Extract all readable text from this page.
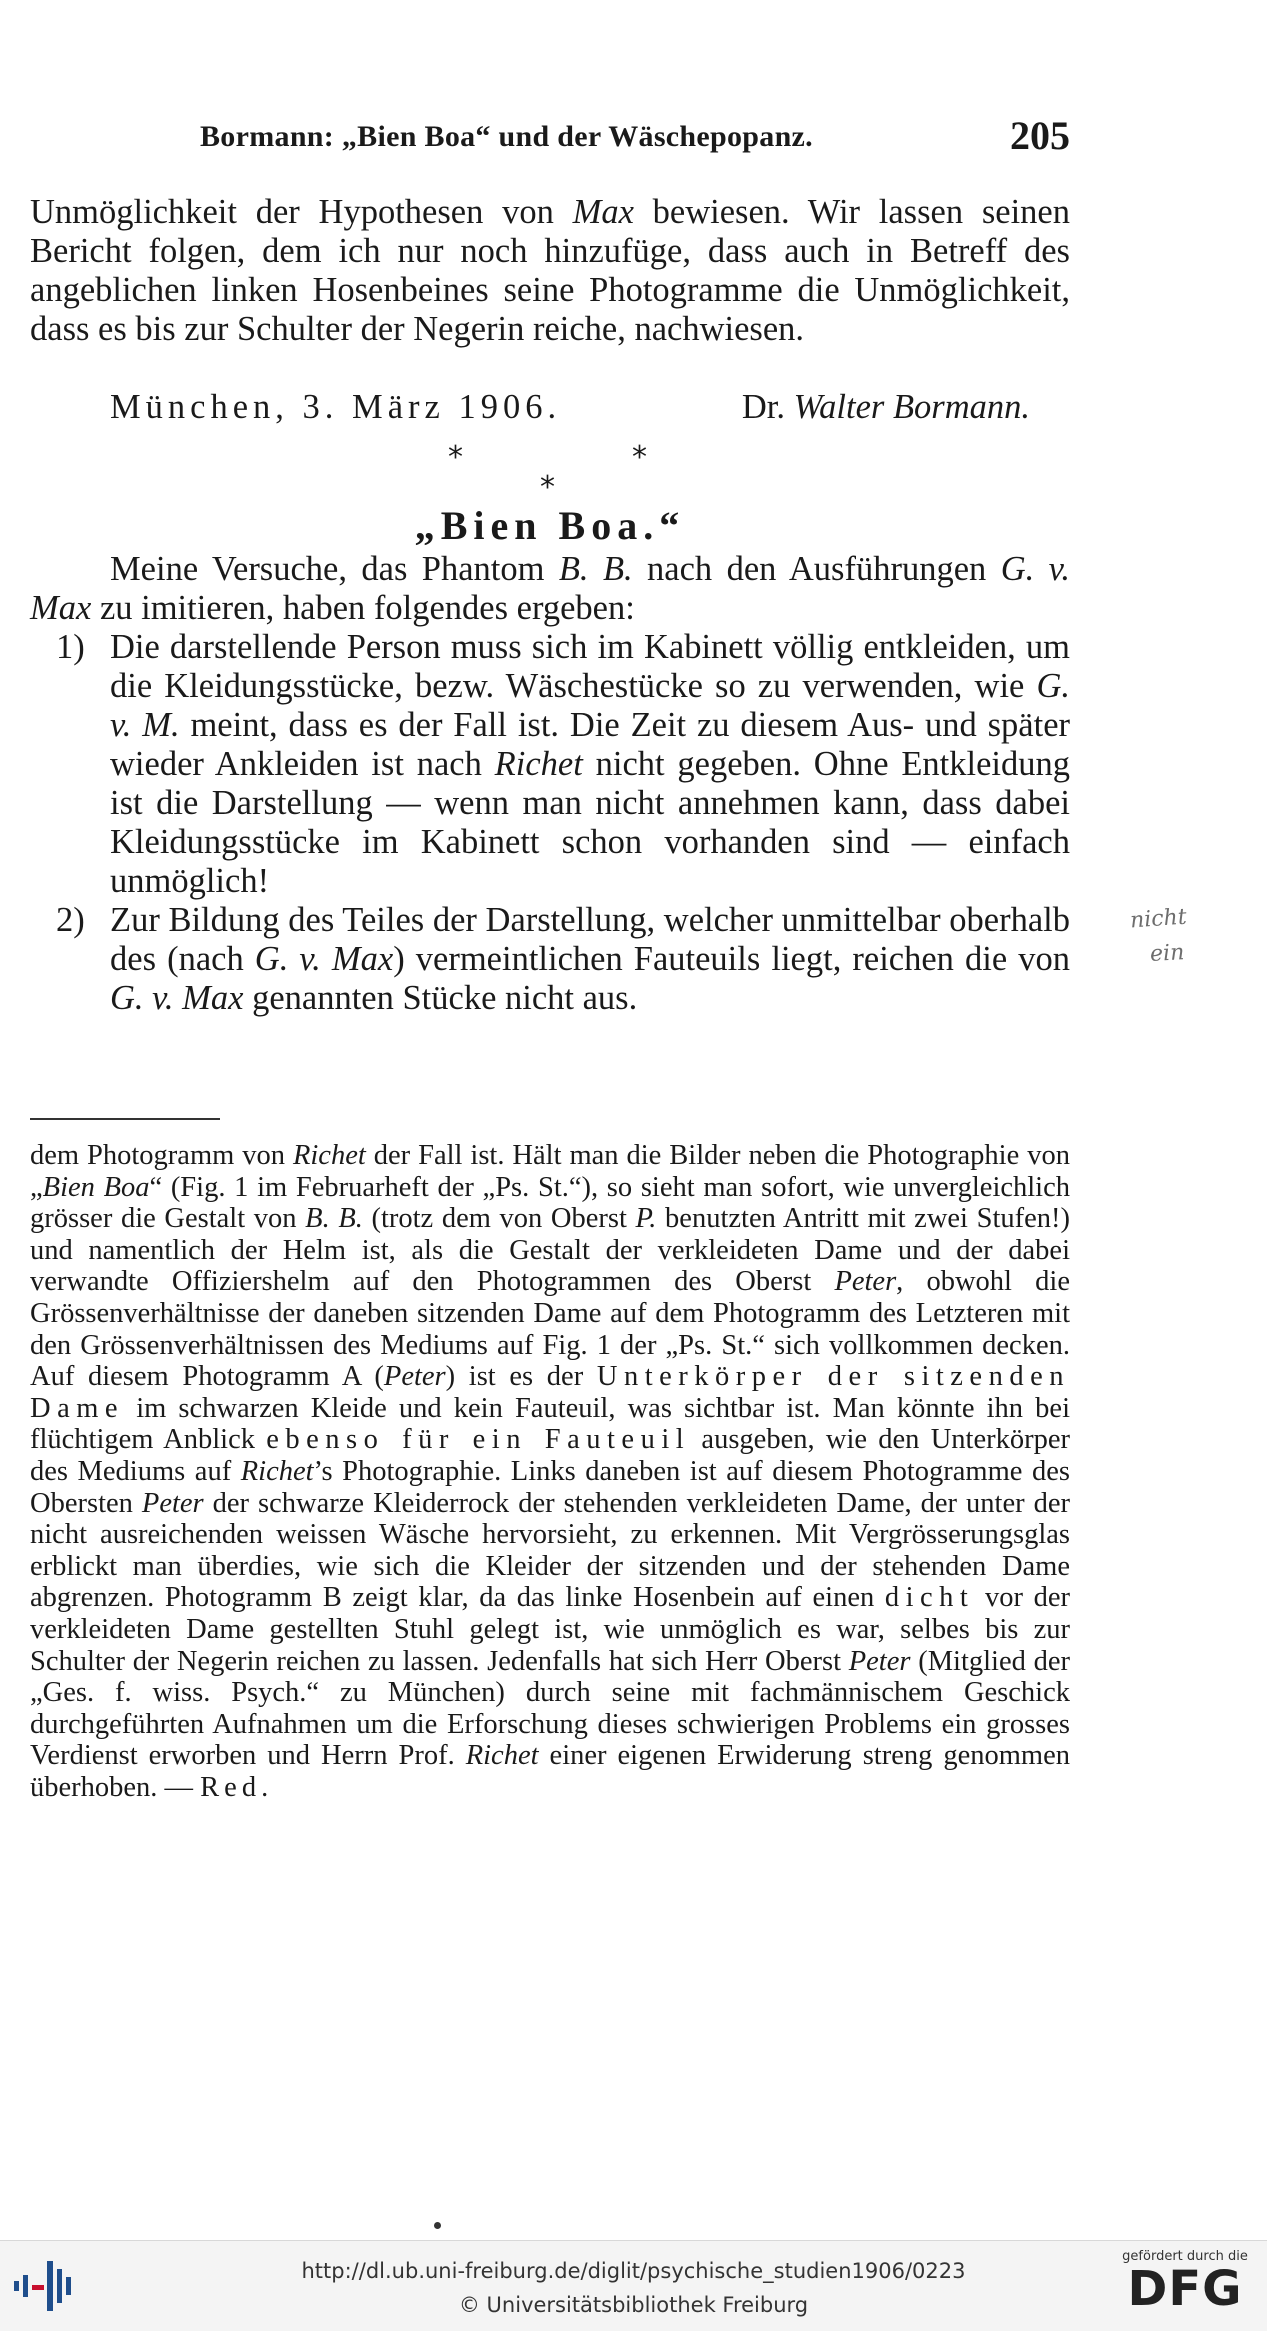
Bormann: „Bien Boa“ und der Wäschepopanz.	205

Unmöglichkeit der Hypothesen von Max bewiesen. Wir lassen seinen Bericht folgen, dem ich nur noch hinzufüge, dass auch in Betreff des angeblichen linken Hosenbeines seine Photogramme die Unmöglichkeit, dass es bis zur Schulter der Negerin reiche, nachwiesen.

München, 3. März 1906.	Dr. Walter Bormann.
*
*
*
„Bien Boa.“

Meine Versuche, das Phantom B. B. nach den Ausführungen G. v. Max zu imitieren, haben folgendes ergeben:

1) Die darstellende Person muss sich im Kabinett völlig entkleiden, um die Kleidungsstücke, bezw. Wäschestücke so zu verwenden, wie G. v. M. meint, dass es der Fall ist. Die Zeit zu diesem Aus- und später wieder Ankleiden ist nach Richet nicht gegeben. Ohne Entkleidung ist die Darstellung — wenn man nicht annehmen kann, dass dabei Kleidungsstücke im Kabinett schon vorhanden sind — einfach unmöglich!
2) Zur Bildung des Teiles der Darstellung, welcher unmittelbar oberhalb des (nach G. v. Max) vermeintlichen Fauteuils liegt, reichen die von G. v. Max genannten Stücke nicht aus.

dem Photogramm von Richet der Fall ist. Hält man die Bilder neben die Photographie von „Bien Boa“ (Fig. 1 im Februarheft der „Ps. St.“), so sieht man sofort, wie unvergleichlich grösser die Gestalt von B. B. (trotz dem von Oberst P. benutzten Antritt mit zwei Stufen!) und namentlich der Helm ist, als die Gestalt der verkleideten Dame und der dabei verwandte Offiziershelm auf den Photogrammen des Oberst Peter, obwohl die Grössenverhältnisse der daneben sitzenden Dame auf dem Photogramm des Letzteren mit den Grössenverhältnissen des Mediums auf Fig. 1 der „Ps. St.“ sich vollkommen decken. Auf diesem Photogramm A (Peter) ist es der Unterkörper der sitzenden Dame im schwarzen Kleide und kein Fauteuil, was sichtbar ist. Man könnte ihn bei flüchtigem Anblick ebenso für ein Fauteuil ausgeben, wie den Unterkörper des Mediums auf Richet’s Photographie. Links daneben ist auf diesem Photogramme des Obersten Peter der schwarze Kleiderrock der stehenden verkleideten Dame, der unter der nicht ausreichenden weissen Wäsche hervorsieht, zu erkennen. Mit Vergrösserungsglas erblickt man überdies, wie sich die Kleider der sitzenden und der stehenden Dame abgrenzen. Photogramm B zeigt klar, da das linke Hosenbein auf einen dicht vor der verkleideten Dame gestellten Stuhl gelegt ist, wie unmöglich es war, selbes bis zur Schulter der Negerin reichen zu lassen. Jedenfalls hat sich Herr Oberst Peter (Mitglied der „Ges. f. wiss. Psych.“ zu München) durch seine mit fachmännischem Geschick durchgeführten Aufnahmen um die Erforschung dieses schwierigen Problems ein grosses Verdienst erworben und Herrn Prof. Richet einer eigenen Erwiderung streng genommen überhoben. — Red.

nicht
ein
http://dl.ub.uni-freiburg.de/diglit/psychische_studien1906/0223
© Universitätsbibliothek Freiburg
gefördert durch die
DFG
